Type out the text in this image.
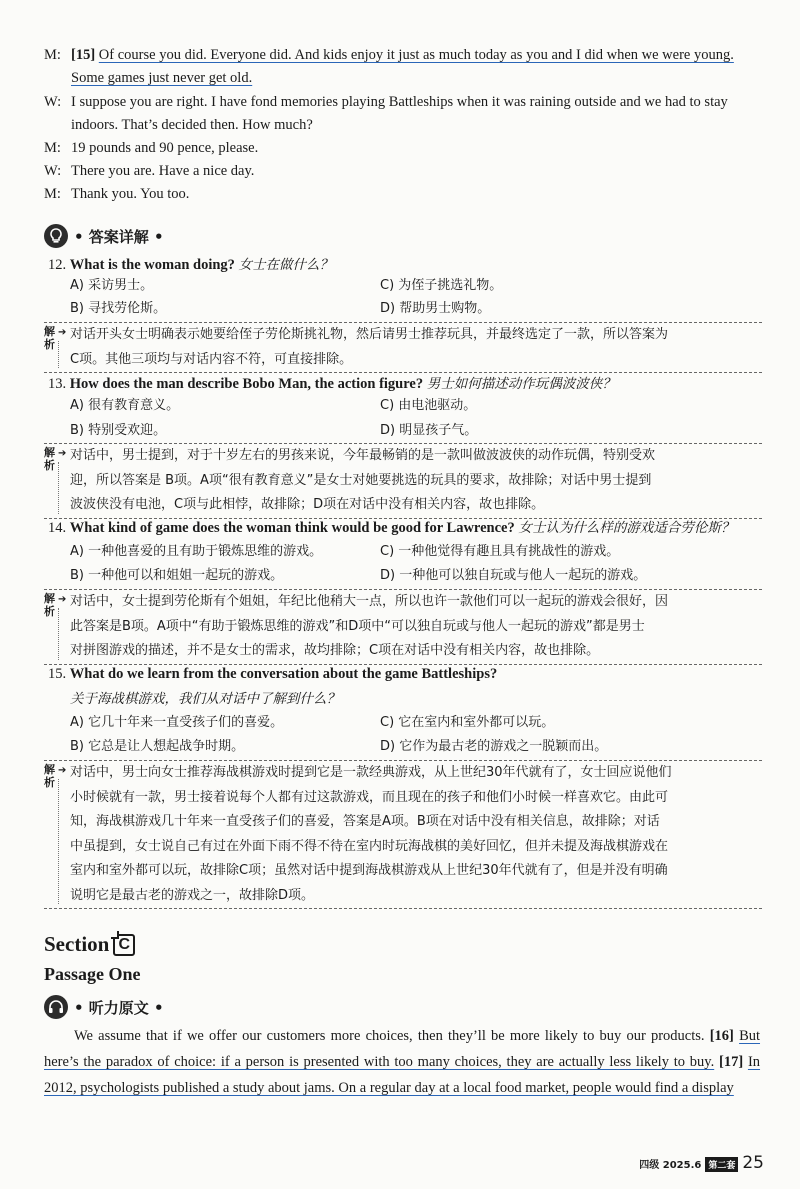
M: [15] Of course you did. Everyone did. And kids enjoy it just as much today as you and I did when we were young.
Some games just never get old.
W: I suppose you are right. I have fond memories playing Battleships when it was raining outside and we had to stay
indoors. That’s decided then. How much?
M: 19 pounds and 90 pence, please.
W: There you are. Have a nice day.
M: Thank you. You too.
• 答案详解 •
12. What is the woman doing? 女士在做什么？
A) 采访男士。	C) 为侄子挑选礼物。
B) 寻找劳伦斯。	D) 帮助男士购物。
解析
➔ 对话开头女士明确表示她要给侄子劳伦斯挑礼物，然后请男士推荐玩具，并最终选定了一款，所以答案为
C项。其他三项均与对话内容不符，可直接排除。
13. How does the man describe Bobo Man, the action figure? 男士如何描述动作玩偶波波侠？
A) 很有教育意义。	C) 由电池驱动。
B) 特别受欢迎。	D) 明显孩子气。
解析
➔ 对话中，男士提到，对于十岁左右的男孩来说，今年最畅销的是一款叫做波波侠的动作玩偶，特别受欢
迎，所以答案是 B项。A项“很有教育意义”是女士对她要挑选的玩具的要求，故排除；对话中男士提到
波波侠没有电池，C项与此相悖，故排除；D项在对话中没有相关内容，故也排除。
14. What kind of game does the woman think would be good for Lawrence? 女士认为什么样的游戏适合劳伦斯？
A) 一种他喜爱的且有助于锻炼思维的游戏。	C) 一种他觉得有趣且具有挑战性的游戏。
B) 一种他可以和姐姐一起玩的游戏。	D) 一种他可以独自玩或与他人一起玩的游戏。
解析
➔ 对话中，女士提到劳伦斯有个姐姐，年纪比他稍大一点，所以也许一款他们可以一起玩的游戏会很好，因
此答案是B项。A项中“有助于锻炼思维的游戏”和D项中“可以独自玩或与他人一起玩的游戏”都是男士
对拼图游戏的描述，并不是女士的需求，故均排除；C项在对话中没有相关内容，故也排除。
15. What do we learn from the conversation about the game Battleships?
关于海战棋游戏，我们从对话中了解到什么？
A) 它几十年来一直受孩子们的喜爱。	C) 它在室内和室外都可以玩。
B) 它总是让人想起战争时期。	D) 它作为最古老的游戏之一脱颖而出。
解析
➔ 对话中，男士向女士推荐海战棋游戏时提到它是一款经典游戏，从上世纪30年代就有了，女士回应说他们
小时候就有一款，男士接着说每个人都有过这款游戏，而且现在的孩子和他们小时候一样喜欢它。由此可
知，海战棋游戏几十年来一直受孩子们的喜爱，答案是A项。B项在对话中没有相关信息，故排除；对话
中虽提到，女士说自己有过在外面下雨不得不待在室内时玩海战棋的美好回忆，但并未提及海战棋游戏在
室内和室外都可以玩，故排除C项；虽然对话中提到海战棋游戏从上世纪30年代就有了，但是并没有明确
说明它是最古老的游戏之一，故排除D项。
Section C
Passage One
• 听力原文 •
We assume that if we offer our customers more choices, then they’ll be more likely to buy our products. [16] But here’s the paradox of choice: if a person is presented with too many choices, they are actually less likely to buy. [17] In 2012, psychologists published a study about jams. On a regular day at a local food market, people would find a display
四级 2025.6 第二套 25
